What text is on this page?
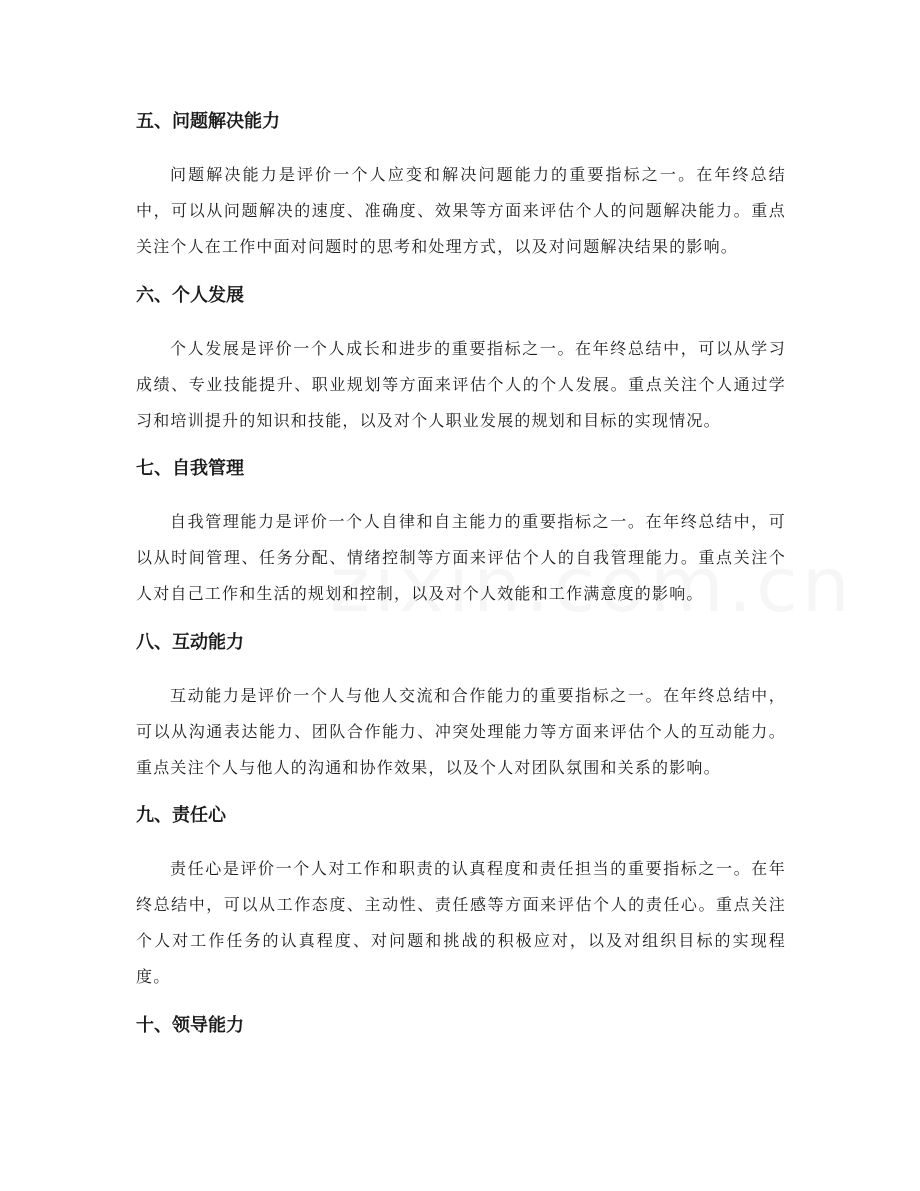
五、问题解决能力

问题解决能力是评价一个人应变和解决问题能力的重要指标之一。在年终总结中，可以从问题解决的速度、准确度、效果等方面来评估个人的问题解决能力。重点关注个人在工作中面对问题时的思考和处理方式，以及对问题解决结果的影响。

六、个人发展

个人发展是评价一个人成长和进步的重要指标之一。在年终总结中，可以从学习成绩、专业技能提升、职业规划等方面来评估个人的个人发展。重点关注个人通过学习和培训提升的知识和技能，以及对个人职业发展的规划和目标的实现情况。

七、自我管理

自我管理能力是评价一个人自律和自主能力的重要指标之一。在年终总结中，可以从时间管理、任务分配、情绪控制等方面来评估个人的自我管理能力。重点关注个人对自己工作和生活的规划和控制，以及对个人效能和工作满意度的影响。

八、互动能力

互动能力是评价一个人与他人交流和合作能力的重要指标之一。在年终总结中，可以从沟通表达能力、团队合作能力、冲突处理能力等方面来评估个人的互动能力。重点关注个人与他人的沟通和协作效果，以及个人对团队氛围和关系的影响。

九、责任心

责任心是评价一个人对工作和职责的认真程度和责任担当的重要指标之一。在年终总结中，可以从工作态度、主动性、责任感等方面来评估个人的责任心。重点关注个人对工作任务的认真程度、对问题和挑战的积极应对，以及对组织目标的实现程度。

十、领导能力
